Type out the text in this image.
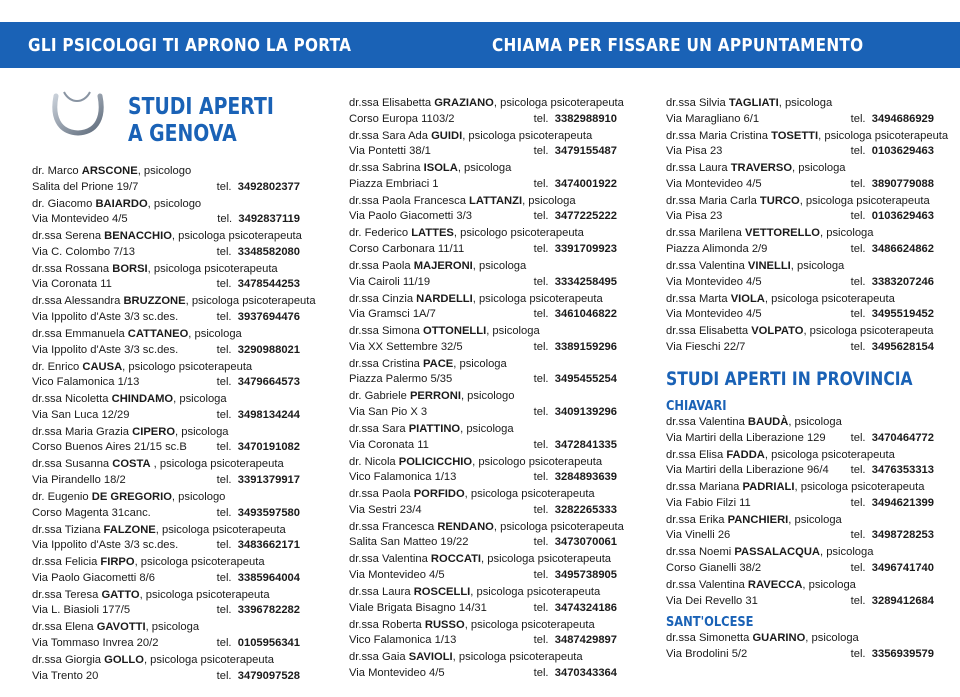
GLI PSICOLOGI TI APRONO LA PORTA	CHIAMA PER FISSARE UN APPUNTAMENTO
STUDI APERTI
A GENOVA
dr. Marco ARSCONE, psicologo
Salita del Prione 19/7	tel. 3492802377
dr. Giacomo BAIARDO, psicologo
Via Montevideo 4/5	tel. 3492837119
dr.ssa Serena BENACCHIO, psicologa psicoterapeuta
Via C. Colombo 7/13	tel. 3348582080
dr.ssa Rossana BORSI, psicologa psicoterapeuta
Via Coronata 11	tel. 3478544253
dr.ssa Alessandra BRUZZONE, psicologa psicoterapeuta
Via Ippolito d'Aste 3/3 sc.des.	tel. 3937694476
dr.ssa Emmanuela CATTANEO, psicologa
Via Ippolito d'Aste 3/3 sc.des.	tel. 3290988021
dr. Enrico CAUSA, psicologo psicoterapeuta
Vico Falamonica 1/13	tel. 3479664573
dr.ssa Nicoletta CHINDAMO, psicologa
Via San Luca 12/29	tel. 3498134244
dr.ssa Maria Grazia CIPERO, psicologa
Corso Buenos Aires 21/15 sc.B	tel. 3470191082
dr.ssa Susanna COSTA , psicologa psicoterapeuta
Via Pirandello 18/2	tel. 3391379917
dr. Eugenio DE GREGORIO, psicologo
Corso Magenta 31canc.	tel. 3493597580
dr.ssa Tiziana FALZONE, psicologa psicoterapeuta
Via Ippolito d'Aste 3/3 sc.des.	tel. 3483662171
dr.ssa Felicia FIRPO, psicologa psicoterapeuta
Via Paolo Giacometti 8/6	tel. 3385964004
dr.ssa Teresa GATTO, psicologa psicoterapeuta
Via L. Biasioli 177/5	tel. 3396782282
dr.ssa Elena GAVOTTI, psicologa
Via Tommaso Invrea 20/2	tel. 0105956341
dr.ssa Giorgia GOLLO, psicologa psicoterapeuta
Via Trento 20	tel. 3479097528
dr.ssa Elisabetta GRAZIANO, psicologa psicoterapeuta
Corso Europa 1103/2	tel. 3382988910
dr.ssa Sara Ada GUIDI, psicologa psicoterapeuta
Via Pontetti 38/1	tel. 3479155487
dr.ssa Sabrina ISOLA, psicologa
Piazza Embriaci 1	tel. 3474001922
dr.ssa Paola Francesca LATTANZI, psicologa
Via Paolo Giacometti 3/3	tel. 3477225222
dr. Federico LATTES, psicologo psicoterapeuta
Corso Carbonara 11/11	tel. 3391709923
dr.ssa Paola MAJERONI, psicologa
Via Cairoli 11/19	tel. 3334258495
dr.ssa Cinzia NARDELLI, psicologa psicoterapeuta
Via Gramsci 1A/7	tel. 3461046822
dr.ssa Simona OTTONELLI, psicologa
Via XX Settembre 32/5	tel. 3389159296
dr.ssa Cristina PACE, psicologa
Piazza Palermo 5/35	tel. 3495455254
dr. Gabriele PERRONI, psicologo
Via San Pio X 3	tel. 3409139296
dr.ssa Sara PIATTINO, psicologa
Via Coronata 11	tel. 3472841335
dr. Nicola POLICICCHIO, psicologo psicoterapeuta
Vico Falamonica 1/13	tel. 3284893639
dr.ssa Paola PORFIDO, psicologa psicoterapeuta
Via Sestri 23/4	tel. 3282265333
dr.ssa Francesca RENDANO, psicologa psicoterapeuta
Salita San Matteo 19/22	tel. 3473070061
dr.ssa Valentina ROCCATI, psicologa psicoterapeuta
Via Montevideo 4/5	tel. 3495738905
dr.ssa Laura ROSCELLI, psicologa psicoterapeuta
Viale Brigata Bisagno 14/31	tel. 3474324186
dr.ssa Roberta RUSSO, psicologa psicoterapeuta
Vico Falamonica 1/13	tel. 3487429897
dr.ssa Gaia SAVIOLI, psicologa psicoterapeuta
Via Montevideo 4/5	tel. 3470343364
dr.ssa Silvia TAGLIATI, psicologa
Via Maragliano 6/1	tel. 3494686929
dr.ssa Maria Cristina TOSETTI, psicologa psicoterapeuta
Via Pisa 23	tel. 0103629463
dr.ssa Laura TRAVERSO, psicologa
Via Montevideo 4/5	tel. 3890779088
dr.ssa Maria Carla TURCO, psicologa psicoterapeuta
Via Pisa 23	tel. 0103629463
dr.ssa Marilena VETTORELLO, psicologa
Piazza Alimonda 2/9	tel. 3486624862
dr.ssa Valentina VINELLI, psicologa
Via Montevideo 4/5	tel. 3383207246
dr.ssa Marta VIOLA, psicologa psicoterapeuta
Via Montevideo 4/5	tel. 3495519452
dr.ssa Elisabetta VOLPATO, psicologa psicoterapeuta
Via Fieschi 22/7	tel. 3495628154
dr.ssa Valentina BAUDÀ, psicologa
Via Martiri della Liberazione 129 tel. 3470464772
dr.ssa Elisa FADDA, psicologa psicoterapeuta
Via Martiri della Liberazione 96/4 tel. 3476353313
dr.ssa Mariana PADRIALI, psicologa psicoterapeuta
Via Fabio Filzi 11	tel. 3494621399
dr.ssa Erika PANCHIERI, psicologa
Via Vinelli 26	tel. 3498728253
dr.ssa Noemi PASSALACQUA, psicologa
Corso Gianelli 38/2	tel. 3496741740
dr.ssa Valentina RAVECCA, psicologa
Via Dei Revello 31	tel. 3289412684
dr.ssa Simonetta GUARINO, psicologa
Via Brodolini 5/2	tel. 3356939579
STUDI APERTI IN PROVINCIA
CHIAVARI
SANT'OLCESE
